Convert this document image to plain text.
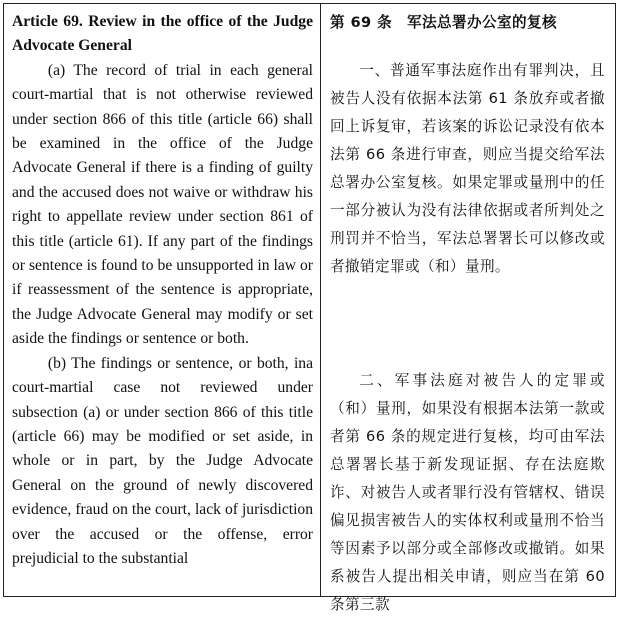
Article 69. Review in the office of the Judge Advocate General

(a) The record of trial in each general court-martial that is not otherwise reviewed under section 866 of this title (article 66) shall be examined in the office of the Judge Advocate General if there is a finding of guilty and the accused does not waive or withdraw his right to appellate review under section 861 of this title (article 61). If any part of the findings or sentence is found to be unsupported in law or if reassessment of the sentence is appropriate, the Judge Advocate General may modify or set aside the findings or sentence or both.

(b) The findings or sentence, or both, ina court-martial case not reviewed under subsection (a) or under section 866 of this title (article 66) may be modified or set aside, in whole or in part, by the Judge Advocate General on the ground of newly discovered evidence, fraud on the court, lack of jurisdiction over the accused or the offense, error prejudicial to the substantial

第 69 条　军法总署办公室的复核

一、普通军事法庭作出有罪判决，且被告人没有依据本法第 61 条放弃或者撤回上诉复审，若该案的诉讼记录没有依本法第 66 条进行审查，则应当提交给军法总署办公室复核。如果定罪或量刑中的任一部分被认为没有法律依据或者所判处之刑罚并不恰当，军法总署署长可以修改或者撤销定罪或（和）量刑。

二、军事法庭对被告人的定罪或（和）量刑，如果没有根据本法第一款或者第 66 条的规定进行复核，均可由军法总署署长基于新发现证据、存在法庭欺诈、对被告人或者罪行没有管辖权、错误偏见损害被告人的实体权利或量刑不恰当等因素予以部分或全部修改或撤销。如果系被告人提出相关申请，则应当在第 60 条第三款
